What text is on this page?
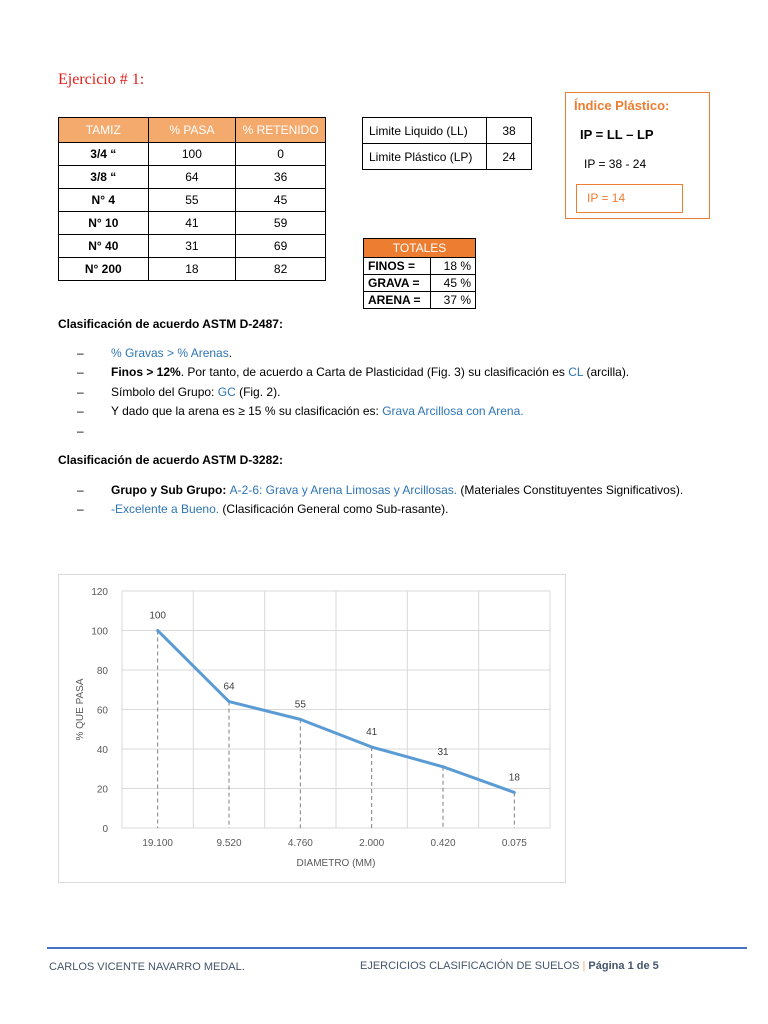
Ejercicio # 1:
TAMIZ	% PASA	% RETENIDO
3/4 “	100	0
3/8 “	64	36
N° 4	55	45
N° 10	41	59
N° 40	31	69
N° 200	18	82
Limite Liquido (LL)	38
Limite Plástico (LP)	24
TOTALES	
FINOS =	18 %
GRAVA =	45 %
ARENA =	37 %
Índice Plástico:
IP = LL – LP
IP = 38 - 24
IP = 14
Clasificación de acuerdo ASTM D-2487:
– % Gravas > % Arenas.
– Finos > 12%. Por tanto, de acuerdo a Carta de Plasticidad (Fig. 3) su clasificación es CL (arcilla).
– Símbolo del Grupo: GC (Fig. 2).
– Y dado que la arena es ≥ 15 % su clasificación es: Grava Arcillosa con Arena.
–
Clasificación de acuerdo ASTM D-3282:
– Grupo y Sub Grupo: A-2-6: Grava y Arena Limosas y Arcillosas. (Materiales Constituyentes Significativos).
– -Excelente a Bueno. (Clasificación General como Sub-rasante).
0
20
40
60
80
100
120
19.100	9.520	4.760	2.000	0.420	0.075
100
64
55
41
31
18
DIAMETRO (MM)
% QUE PASA
CARLOS VICENTE NAVARRO MEDAL.	EJERCICIOS CLASIFICACIÓN DE SUELOS | Página 1 de 5
